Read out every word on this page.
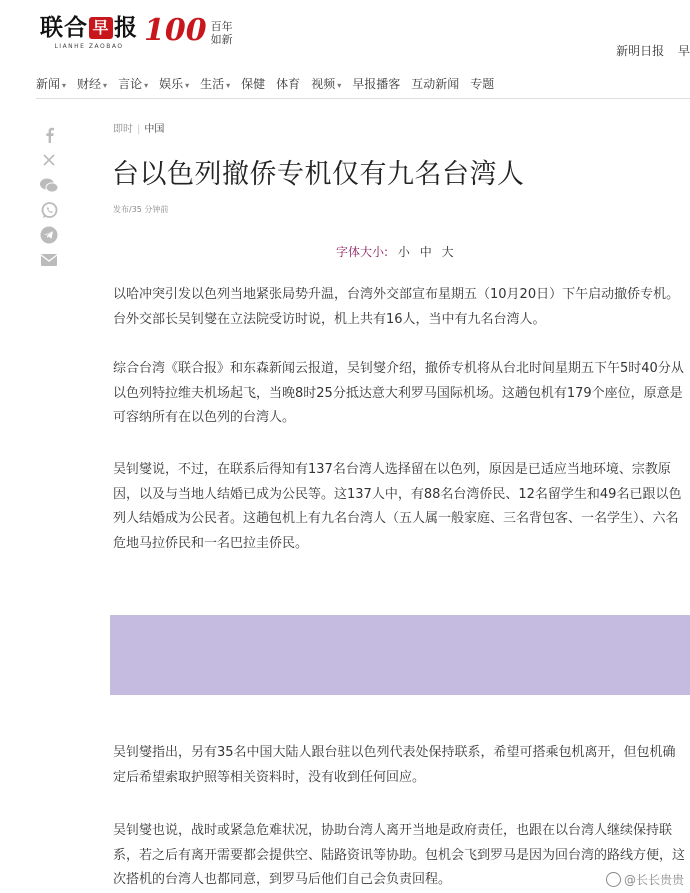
联合 早 报
LIANHE ZAOBAO 100 百年
如新
新明日报 早
新闻 ▾ 财经 ▾ 言论 ▾ 娱乐 ▾ 生活 ▾ 保健 体育 视频 ▾ 早报播客 互动新闻 专题
即时 | 中国
台以色列撤侨专机仅有九名台湾人
发布/35 分钟前
字体大小: 小 中 大

以哈冲突引发以色列当地紧张局势升温，台湾外交部宣布星期五（10月20日）下午启动撤侨专机。台外交部长吴钊燮在立法院受访时说，机上共有16人，当中有九名台湾人。

综合台湾《联合报》和东森新闻云报道，吴钊燮介绍，撤侨专机将从台北时间星期五下午5时40分从以色列特拉维夫机场起飞，当晚8时25分抵达意大利罗马国际机场。这趟包机有179个座位，原意是可容纳所有在以色列的台湾人。

吴钊燮说，不过，在联系后得知有137名台湾人选择留在以色列，原因是已适应当地环境、宗教原因，以及与当地人结婚已成为公民等。这137人中，有88名台湾侨民、12名留学生和49名已跟以色列人结婚成为公民者。这趟包机上有九名台湾人（五人属一般家庭、三名背包客、一名学生）、六名危地马拉侨民和一名巴拉圭侨民。

吴钊燮指出，另有35名中国大陆人跟台驻以色列代表处保持联系，希望可搭乘包机离开，但包机确定后希望索取护照等相关资料时，没有收到任何回应。

吴钊燮也说，战时或紧急危难状况，协助台湾人离开当地是政府责任，也跟在以台湾人继续保持联系，若之后有离开需要都会提供空、陆路资讯等协助。包机会飞到罗马是因为回台湾的路线方便，这次搭机的台湾人也都同意，到罗马后他们自己会负责回程。	@长长贵贵
